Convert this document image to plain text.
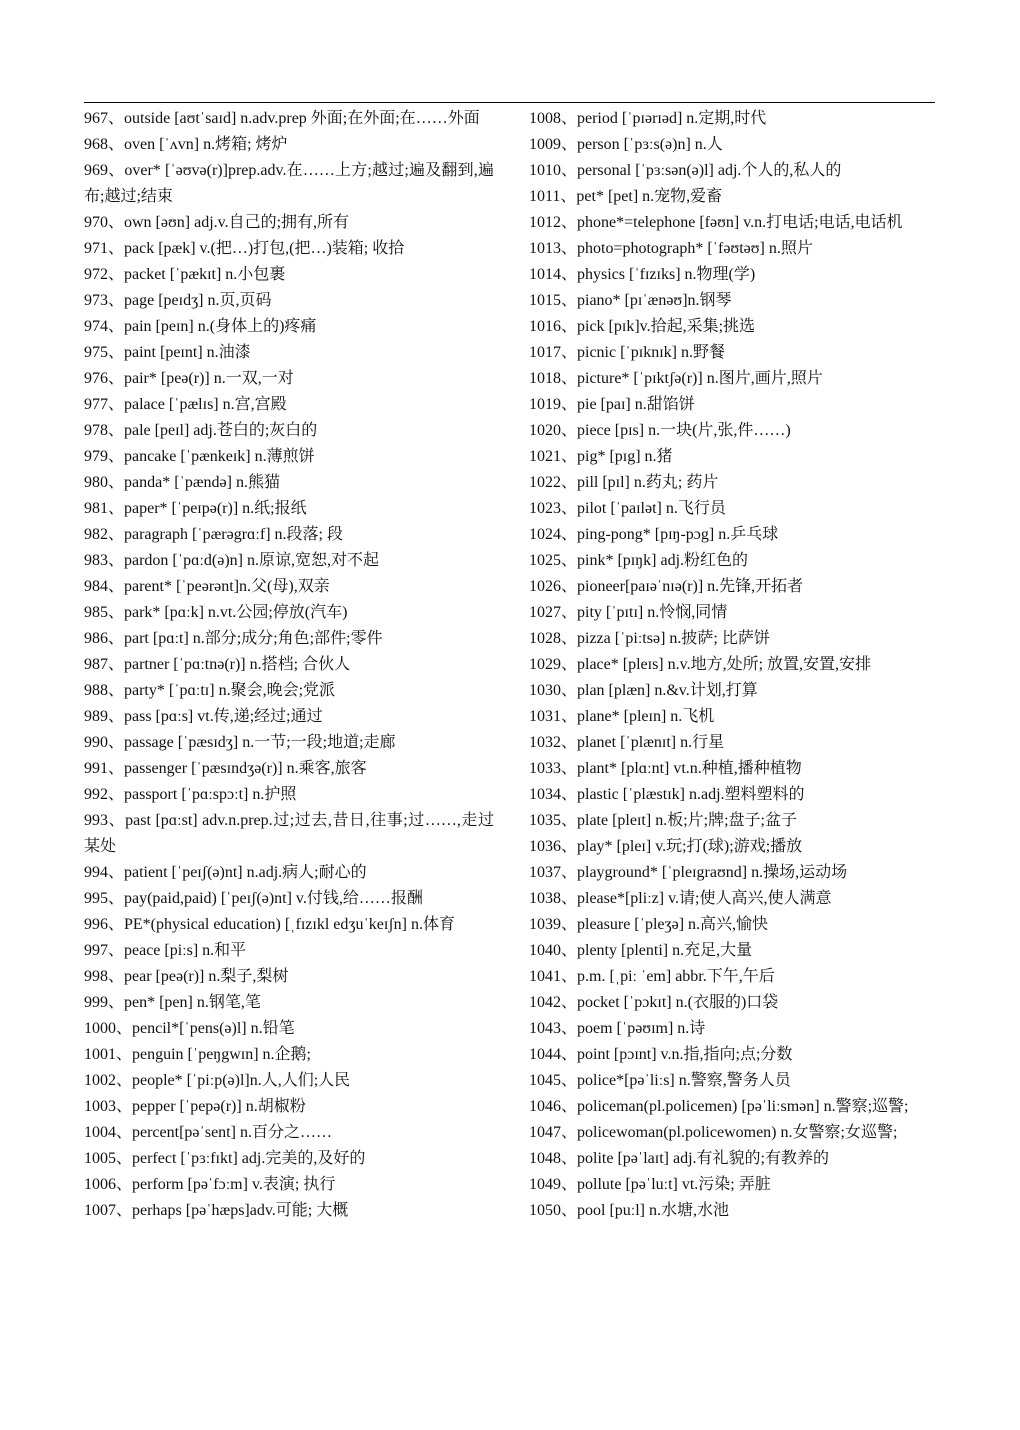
967、outside [aʊtˈsaɪd] n.adv.prep 外面;在外面;在……外面

968、oven [ˈʌvn] n.烤箱; 烤炉

969、over* [ˈəʊvə(r)]prep.adv.在……上方;越过;遍及翻到,遍布;越过;结束

970、own [əʊn] adj.v.自己的;拥有,所有

971、pack [pæk] v.(把…)打包,(把…)装箱; 收拾

972、packet [ˈpækɪt] n.小包裹

973、page [peɪdʒ] n.页,页码

974、pain [peɪn] n.(身体上的)疼痛

975、paint [peɪnt] n.油漆

976、pair* [peə(r)] n.一双,一对

977、palace [ˈpælɪs] n.宫,宫殿

978、pale [peɪl] adj.苍白的;灰白的

979、pancake [ˈpænkeɪk] n.薄煎饼

980、panda* [ˈpændə] n.熊猫

981、paper* [ˈpeɪpə(r)] n.纸;报纸

982、paragraph [ˈpærəgrɑːf] n.段落; 段

983、pardon [ˈpɑːd(ə)n] n.原谅,宽恕,对不起

984、parent* [ˈpeərənt]n.父(母),双亲

985、park* [pɑːk] n.vt.公园;停放(汽车)

986、part [pɑːt] n.部分;成分;角色;部件;零件

987、partner [ˈpɑːtnə(r)] n.搭档; 合伙人

988、party* [ˈpɑːtɪ] n.聚会,晚会;党派

989、pass [pɑːs] vt.传,递;经过;通过

990、passage [ˈpæsɪdʒ] n.一节;一段;地道;走廊

991、passenger [ˈpæsɪndʒə(r)] n.乘客,旅客

992、passport [ˈpɑːspɔːt] n.护照

993、past [pɑːst] adv.n.prep.过;过去,昔日,往事;过……,走过某处

994、patient [ˈpeɪʃ(ə)nt] n.adj.病人;耐心的

995、pay(paid,paid) [ˈpeɪʃ(ə)nt] v.付钱,给……报酬

996、PE*(physical education) [ˌfɪzɪkl edʒuˈkeɪʃn] n.体育

997、peace [piːs] n.和平

998、pear [peə(r)] n.梨子,梨树

999、pen* [pen] n.钢笔,笔

1000、pencil*[ˈpens(ə)l] n.铅笔

1001、penguin [ˈpeŋgwɪn] n.企鹅;

1002、people* [ˈpiːp(ə)l]n.人,人们;人民

1003、pepper [ˈpepə(r)] n.胡椒粉

1004、percent[pəˈsent] n.百分之……

1005、perfect [ˈpɜːfɪkt] adj.完美的,及好的

1006、perform [pəˈfɔːm] v.表演; 执行

1007、perhaps [pəˈhæps]adv.可能; 大概

1008、period [ˈpɪərɪəd] n.定期,时代

1009、person [ˈpɜːs(ə)n] n.人

1010、personal [ˈpɜːsən(ə)l] adj.个人的,私人的

1011、pet* [pet] n.宠物,爱畜

1012、phone*=telephone [fəʊn] v.n.打电话;电话,电话机

1013、photo=photograph* [ˈfəʊtəʊ] n.照片

1014、physics [ˈfɪzɪks] n.物理(学)

1015、piano* [pɪˈænəʊ]n.钢琴

1016、pick [pɪk]v.拾起,采集;挑选

1017、picnic [ˈpɪknɪk] n.野餐

1018、picture* [ˈpɪktʃə(r)] n.图片,画片,照片

1019、pie [paɪ] n.甜馅饼

1020、piece [pɪs] n.一块(片,张,件……)

1021、pig* [pɪg] n.猪

1022、pill [pɪl] n.药丸; 药片

1023、pilot [ˈpaɪlət] n.飞行员

1024、ping-pong* [pɪŋ-pɔg] n.乒乓球

1025、pink* [pɪŋk] adj.粉红色的

1026、pioneer[paɪəˈnɪə(r)] n.先锋,开拓者

1027、pity [ˈpɪtɪ] n.怜悯,同情

1028、pizza [ˈpiːtsə] n.披萨; 比萨饼

1029、place* [pleɪs] n.v.地方,处所; 放置,安置,安排

1030、plan [plæn] n.&v.计划,打算

1031、plane* [pleɪn] n.飞机

1032、planet [ˈplænɪt] n.行星

1033、plant* [plɑːnt] vt.n.种植,播种植物

1034、plastic [ˈplæstɪk] n.adj.塑料塑料的

1035、plate [pleɪt] n.板;片;牌;盘子;盆子

1036、play* [pleɪ] v.玩;打(球);游戏;播放

1037、playground* [ˈpleɪgraʊnd] n.操场,运动场

1038、please*[pliːz] v.请;使人高兴,使人满意

1039、pleasure [ˈpleʒə] n.高兴,愉快

1040、plenty [plenti] n.充足,大量

1041、p.m. [ˌpiː ˈem] abbr.下午,午后

1042、pocket [ˈpɔkɪt] n.(衣服的)口袋

1043、poem [ˈpəʊɪm] n.诗

1044、point [pɔɪnt] v.n.指,指向;点;分数

1045、police*[pəˈliːs] n.警察,警务人员

1046、policeman(pl.policemen) [pəˈliːsmən] n.警察;巡警;

1047、policewoman(pl.policewomen) n.女警察;女巡警;

1048、polite [pəˈlaɪt] adj.有礼貌的;有教养的

1049、pollute [pəˈluːt] vt.污染; 弄脏

1050、pool [puːl] n.水塘,水池
